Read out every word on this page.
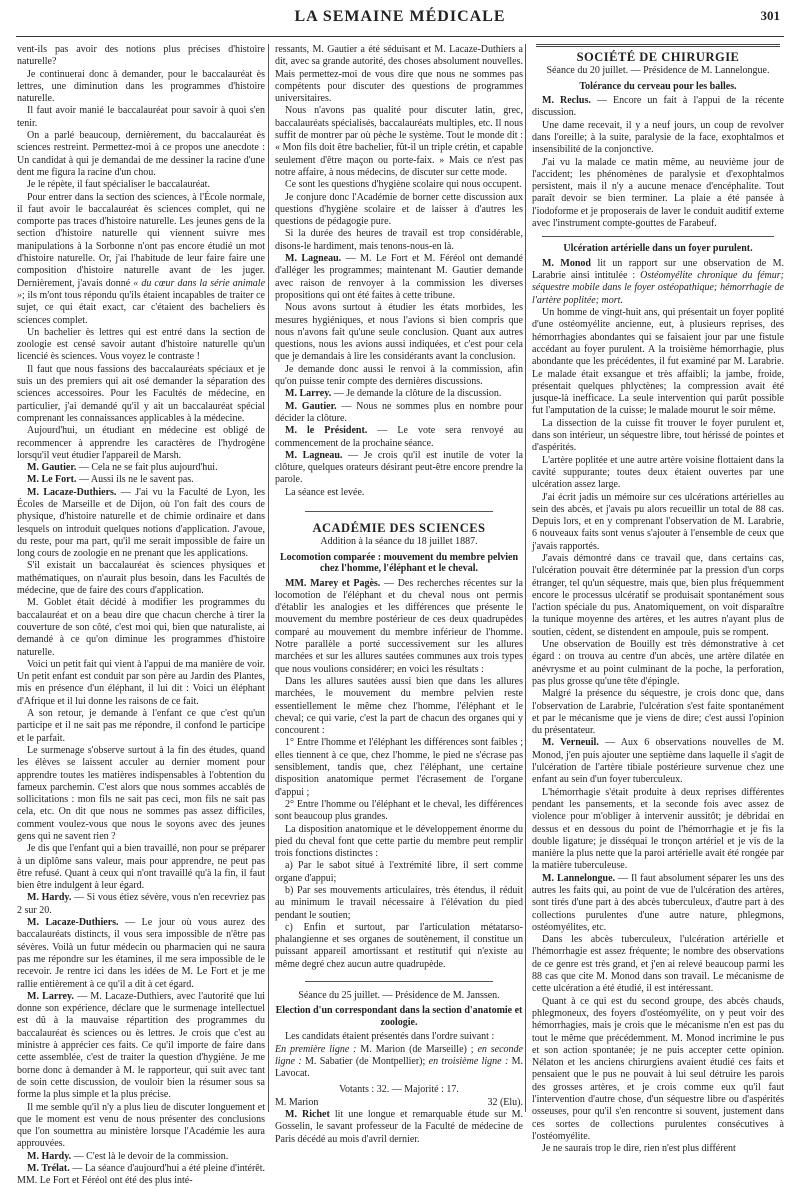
LA SEMAINE MÉDICALE	301

vent-ils pas avoir des notions plus précises d'histoire naturelle?

Je continuerai donc à demander, pour le baccalauréat ès lettres, une diminution dans les programmes d'histoire naturelle.

Il faut avoir manié le baccalauréat pour savoir à quoi s'en tenir.

On a parlé beaucoup, dernièrement, du baccalauréat ès sciences restreint. Permettez-moi à ce propos une anecdote : Un candidat à qui je demandai de me dessiner la racine d'une dent me figura la racine d'un chou.

Je le répète, il faut spécialiser le baccalauréat.

Pour entrer dans la section des sciences, à l'École normale, il faut avoir le baccalauréat ès sciences complet, qui ne comporte pas traces d'histoire naturelle. Les jeunes gens de la section d'histoire naturelle qui viennent suivre mes manipulations à la Sorbonne n'ont pas encore étudié un mot d'histoire naturelle. Or, j'ai l'habitude de leur faire faire une composition d'histoire naturelle avant de les juger. Dernièrement, j'avais donné « du cœur dans la série animale »; ils m'ont tous répondu qu'ils étaient incapables de traiter ce sujet, ce qui était exact, car c'étaient des bacheliers ès sciences complet.

Un bachelier ès lettres qui est entré dans la section de zoologie est censé savoir autant d'histoire naturelle qu'un licencié ès sciences. Vous voyez le contraste !

Il faut que nous fassions des baccalauréats spéciaux et je suis un des premiers qui ait osé demander la séparation des sciences accessoires. Pour les Facultés de médecine, en particulier, j'ai demandé qu'il y ait un baccalauréat spécial comprenant les connaissances applicables à la médecine.

Aujourd'hui, un étudiant en médecine est obligé de recommencer à apprendre les caractères de l'hydrogène lorsqu'il veut étudier l'appareil de Marsh.

M. Gautier. — Cela ne se fait plus aujourd'hui.

M. Le Fort. — Aussi ils ne le savent pas.

M. Lacaze-Duthiers. — J'ai vu la Faculté de Lyon, les Écoles de Marseille et de Dijon, où l'on fait des cours de physique, d'histoire naturelle et de chimie ordinaire et dans lesquels on introduit quelques notions d'application. J'avoue, du reste, pour ma part, qu'il me serait impossible de faire un long cours de zoologie en ne prenant que les applications.

S'il existait un baccalauréat ès sciences physiques et mathématiques, on n'aurait plus besoin, dans les Facultés de médecine, que de faire des cours d'application.

M. Goblet était décidé à modifier les programmes du baccalauréat et on a beau dire que chacun cherche à tirer la couverture de son côté, c'est moi qui, bien que naturaliste, ai demandé à ce qu'on diminue les programmes d'histoire naturelle.

Voici un petit fait qui vient à l'appui de ma manière de voir. Un petit enfant est conduit par son père au Jardin des Plantes, mis en présence d'un éléphant, il lui dit : Voici un éléphant d'Afrique et il lui donne les raisons de ce fait.

A son retour, je demande à l'enfant ce que c'est qu'un participe et il ne sait pas me répondre, il confond le participe et le parfait.

Le surmenage s'observe surtout à la fin des études, quand les élèves se laissent acculer au dernier moment pour apprendre toutes les matières indispensables à l'obtention du fameux parchemin. C'est alors que nous sommes accablés de sollicitations : mon fils ne sait pas ceci, mon fils ne sait pas cela, etc. On dit que nous ne sommes pas assez difficiles, comment voulez-vous que nous le soyons avec des jeunes gens qui ne savent rien ?

Je dis que l'enfant qui a bien travaillé, non pour se préparer à un diplôme sans valeur, mais pour apprendre, ne peut pas être refusé. Quant à ceux qui n'ont travaillé qu'à la fin, il faut bien être indulgent à leur égard.

M. Hardy. — Si vous étiez sévère, vous n'en recevriez pas 2 sur 20.

M. Lacaze-Duthiers. — Le jour où vous aurez des baccalauréats distincts, il vous sera impossible de n'être pas sévères. Voilà un futur médecin ou pharmacien qui ne saura pas me répondre sur les étamines, il me sera impossible de le recevoir. Je rentre ici dans les idées de M. Le Fort et je me rallie entièrement à ce qu'il a dit à cet égard.

M. Larrey. — M. Lacaze-Duthiers, avec l'autorité que lui donne son expérience, déclare que le surmenage intellectuel est dû à la mauvaise répartition des programmes du baccalauréat ès sciences ou ès lettres. Je crois que c'est au ministre à apprécier ces faits. Ce qu'il importe de faire dans cette assemblée, c'est de traiter la question d'hygiène. Je me borne donc à demander à M. le rapporteur, qui suit avec tant de soin cette discussion, de vouloir bien la résumer sous sa forme la plus simple et la plus précise.

Il me semble qu'il n'y a plus lieu de discuter longuement et que le moment est venu de nous présenter des conclusions que l'on soumettra au ministère lorsque l'Académie les aura approuvées.

M. Hardy. — C'est là le devoir de la commission.

M. Trélat. — La séance d'aujourd'hui a été pleine d'intérêt. MM. Le Fort et Féréol ont été des plus inté-

ressants, M. Gautier a été séduisant et M. Lacaze-Duthiers a dit, avec sa grande autorité, des choses absolument nouvelles. Mais permettez-moi de vous dire que nous ne sommes pas compétents pour discuter des questions de programmes universitaires.

Nous n'avons pas qualité pour discuter latin, grec, baccalauréats spécialisés, baccalauréats multiples, etc. Il nous suffit de montrer par où pèche le système. Tout le monde dit : « Mon fils doit être bachelier, fût-il un triple crétin, et capable seulement d'être maçon ou porte-faix. » Mais ce n'est pas notre affaire, à nous médecins, de discuter sur cette mode.

Ce sont les questions d'hygiène scolaire qui nous occupent.

Je conjure donc l'Académie de borner cette discussion aux questions d'hygiène scolaire et de laisser à d'autres les questions de pédagogie pure.

Si la durée des heures de travail est trop considérable, disons-le hardiment, mais tenons-nous-en là.

M. Lagneau. — M. Le Fort et M. Féréol ont demandé d'alléger les programmes; maintenant M. Gautier demande avec raison de renvoyer à la commission les diverses propositions qui ont été faites à cette tribune.

Nous avons surtout à étudier les états morbides, les mesures hygiéniques, et nous l'avions si bien compris que nous n'avons fait qu'une seule conclusion. Quant aux autres questions, nous les avions aussi indiquées, et c'est pour cela que je demandais à lire les considérants avant la conclusion.

Je demande donc aussi le renvoi à la commission, afin qu'on puisse tenir compte des dernières discussions.

M. Larrey. — Je demande la clôture de la discussion.

M. Gautier. — Nous ne sommes plus en nombre pour décider la clôture.

M. le Président. — Le vote sera renvoyé au commencement de la prochaine séance.

M. Lagneau. — Je crois qu'il est inutile de voter la clôture, quelques orateurs désirant peut-être encore prendre la parole.

La séance est levée.

ACADÉMIE DES SCIENCES
Addition à la séance du 18 juillet 1887.
Locomotion comparée : mouvement du membre pelvien chez l'homme, l'éléphant et le cheval.

MM. Marey et Pagès. — Des recherches récentes sur la locomotion de l'éléphant et du cheval nous ont permis d'établir les analogies et les différences que présente le mouvement du membre postérieur de ces deux quadrupèdes comparé au mouvement du membre inférieur de l'homme. Notre parallèle a porté successivement sur les allures marchées et sur les allures sautées communes aux trois types que nous voulions considérer; en voici les résultats :

Dans les allures sautées aussi bien que dans les allures marchées, le mouvement du membre pelvien reste essentiellement le même chez l'homme, l'éléphant et le cheval; ce qui varie, c'est la part de chacun des organes qui y concourent :

1° Entre l'homme et l'éléphant les différences sont faibles ; elles tiennent à ce que, chez l'homme, le pied ne s'écrase pas sensiblement, tandis que, chez l'éléphant, une certaine disposition anatomique permet l'écrasement de l'organe d'appui ;

2° Entre l'homme ou l'éléphant et le cheval, les différences sont beaucoup plus grandes.

La disposition anatomique et le développement énorme du pied du cheval font que cette partie du membre peut remplir trois fonctions distinctes :

a) Par le sabot situé à l'extrémité libre, il sert comme organe d'appui;

b) Par ses mouvements articulaires, très étendus, il réduit au minimum le travail nécessaire à l'élévation du pied pendant le soutien;

c) Enfin et surtout, par l'articulation métatarso-phalangienne et ses organes de soutènement, il constitue un puissant appareil amortissant et restitutif qui n'existe au même degré chez aucun autre quadrupède.

Séance du 25 juillet. — Présidence de M. Janssen.
Election d'un correspondant dans la section d'anatomie et zoologie.

Les candidats étaient présentés dans l'ordre suivant :

En première ligne : M. Marion (de Marseille) ; en seconde ligne : M. Sabatier (de Montpellier); en troisième ligne : M. Lavocat.

Votants : 32. — Majorité : 17.
M. Marion	32 (Elu).

M. Richet lit une longue et remarquable étude sur M. Gosselin, le savant professeur de la Faculté de médecine de Paris décédé au mois d'avril dernier.

SOCIÉTÉ DE CHIRURGIE
Séance du 20 juillet. — Présidence de M. Lannelongue.
Tolérance du cerveau pour les balles.

M. Reclus. — Encore un fait à l'appui de la récente discussion.

Une dame recevait, il y a neuf jours, un coup de revolver dans l'oreille; à la suite, paralysie de la face, exophtalmos et insensibilité de la conjonctive.

J'ai vu la malade ce matin même, au neuvième jour de l'accident; les phénomènes de paralysie et d'exophtalmos persistent, mais il n'y a aucune menace d'encéphalite. Tout paraît devoir se bien terminer. La plaie a été pansée à l'iodoforme et je proposerais de laver le conduit auditif externe avec l'instrument compte-gouttes de Farabeuf.

Ulcération artérielle dans un foyer purulent.

M. Monod lit un rapport sur une observation de M. Larabrie ainsi intitulée : Ostéomyélite chronique du fémur; séquestre mobile dans le foyer ostéopathique; hémorrhagie de l'artère poplitée; mort.

Un homme de vingt-huit ans, qui présentait un foyer poplité d'une ostéomyélite ancienne, eut, à plusieurs reprises, des hémorrhagies abondantes qui se faisaient jour par une fistule accédant au foyer purulent. A la troisième hémorrhagie, plus abondante que les précédentes, il fut examiné par M. Larabrie. Le malade était exsangue et très affaibli; la jambe, froide, présentait quelques phlyctènes; la compression avait été jusque-là inefficace. La seule intervention qui parût possible fut l'amputation de la cuisse; le malade mourut le soir même.

La dissection de la cuisse fit trouver le foyer purulent et, dans son intérieur, un séquestre libre, tout hérissé de pointes et d'aspérités.

L'artère poplitée et une autre artère voisine flottaient dans la cavité suppurante; toutes deux étaient ouvertes par une ulcération assez large.

J'ai écrit jadis un mémoire sur ces ulcérations artérielles au sein des abcès, et j'avais pu alors recueillir un total de 88 cas. Depuis lors, et en y comprenant l'observation de M. Larabrie, 6 nouveaux faits sont venus s'ajouter à l'ensemble de ceux que j'avais rapportés.

J'avais démontré dans ce travail que, dans certains cas, l'ulcération pouvait être déterminée par la pression d'un corps étranger, tel qu'un séquestre, mais que, bien plus fréquemment encore le processus ulcératif se produisait spontanément sous l'action spéciale du pus. Anatomiquement, on voit disparaître la tunique moyenne des artères, et les autres n'ayant plus de soutien, cèdent, se distendent en ampoule, puis se rompent.

Une observation de Bouilly est très démonstrative à cet égard : on trouva au centre d'un abcès, une artère dilatée en anévrysme et au point culminant de la poche, la perforation, pas plus grosse qu'une tête d'épingle.

Malgré la présence du séquestre, je crois donc que, dans l'observation de Larabrie, l'ulcération s'est faite spontanément et par le mécanisme que je viens de dire; c'est aussi l'opinion du présentateur.

M. Verneuil. — Aux 6 observations nouvelles de M. Monod, j'en puis ajouter une septième dans laquelle il s'agit de l'ulcération de l'artère tibiale postérieure survenue chez une enfant au sein d'un foyer tuberculeux.

L'hémorrhagie s'était produite à deux reprises différentes pendant les pansements, et la seconde fois avec assez de violence pour m'obliger à intervenir aussitôt; je débridai en dessus et en dessous du point de l'hémorrhagie et je fis la double ligature; je disséquai le tronçon artériel et je vis de la manière la plus nette que la paroi artérielle avait été rongée par la matière tuberculeuse.

M. Lannelongue. — Il faut absolument séparer les uns des autres les faits qui, au point de vue de l'ulcération des artères, sont tirés d'une part à des abcès tuberculeux, d'autre part à des collections purulentes d'une autre nature, phlegmons, ostéomyélites, etc.

Dans les abcès tuberculeux, l'ulcération artérielle et l'hémorrhagie est assez fréquente; le nombre des observations de ce genre est très grand, et j'en ai relevé beaucoup parmi les 88 cas que cite M. Monod dans son travail. Le mécanisme de cette ulcération a été étudié, il est intéressant.

Quant à ce qui est du second groupe, des abcès chauds, phlegmoneux, des foyers d'ostéomyélite, on y peut voir des hémorrhagies, mais je crois que le mécanisme n'en est pas du tout le même que précédemment. M. Monod incrimine le pus et son action spontanée; je ne puis accepter cette opinion. Nélaton et les anciens chirurgiens avaient étudié ces faits et pensaient que le pus ne pouvait à lui seul détruire les parois des grosses artères, et je crois comme eux qu'il faut l'intervention d'autre chose, d'un séquestre libre ou d'aspérités osseuses, pour qu'il s'en rencontre si souvent, justement dans ces sortes de collections purulentes consécutives à l'ostéomyélite.

Je ne saurais trop le dire, rien n'est plus différent
